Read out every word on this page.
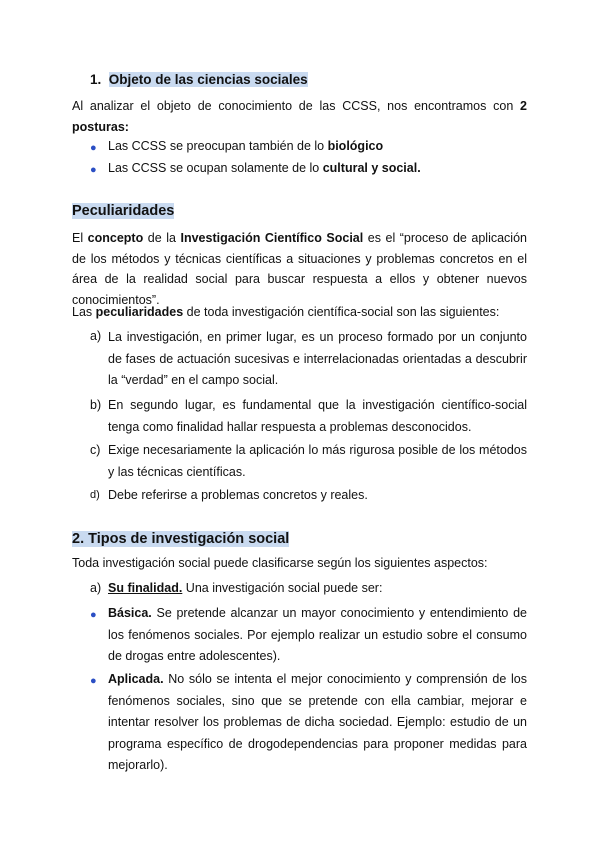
1. Objeto de las ciencias sociales
Al analizar el objeto de conocimiento de las CCSS, nos encontramos con 2 posturas:
● Las CCSS se preocupan también de lo biológico
● Las CCSS se ocupan solamente de lo cultural y social.
Peculiaridades
El concepto de la Investigación Científico Social es el “proceso de aplicación de los métodos y técnicas científicas a situaciones y problemas concretos en el área de la realidad social para buscar respuesta a ellos y obtener nuevos conocimientos”.
Las peculiaridades de toda investigación científica-social son las siguientes:
a) La investigación, en primer lugar, es un proceso formado por un conjunto de fases de actuación sucesivas e interrelacionadas orientadas a descubrir la “verdad” en el campo social.
b) En segundo lugar, es fundamental que la investigación científico-social tenga como finalidad hallar respuesta a problemas desconocidos.
c) Exige necesariamente la aplicación lo más rigurosa posible de los métodos y las técnicas científicas.
d) Debe referirse a problemas concretos y reales.
2. Tipos de investigación social
Toda investigación social puede clasificarse según los siguientes aspectos:
a) Su finalidad. Una investigación social puede ser:
● Básica. Se pretende alcanzar un mayor conocimiento y entendimiento de los fenómenos sociales. Por ejemplo realizar un estudio sobre el consumo de drogas entre adolescentes).
● Aplicada. No sólo se intenta el mejor conocimiento y comprensión de los fenómenos sociales, sino que se pretende con ella cambiar, mejorar e intentar resolver los problemas de dicha sociedad. Ejemplo: estudio de un programa específico de drogodependencias para proponer medidas para mejorarlo).
